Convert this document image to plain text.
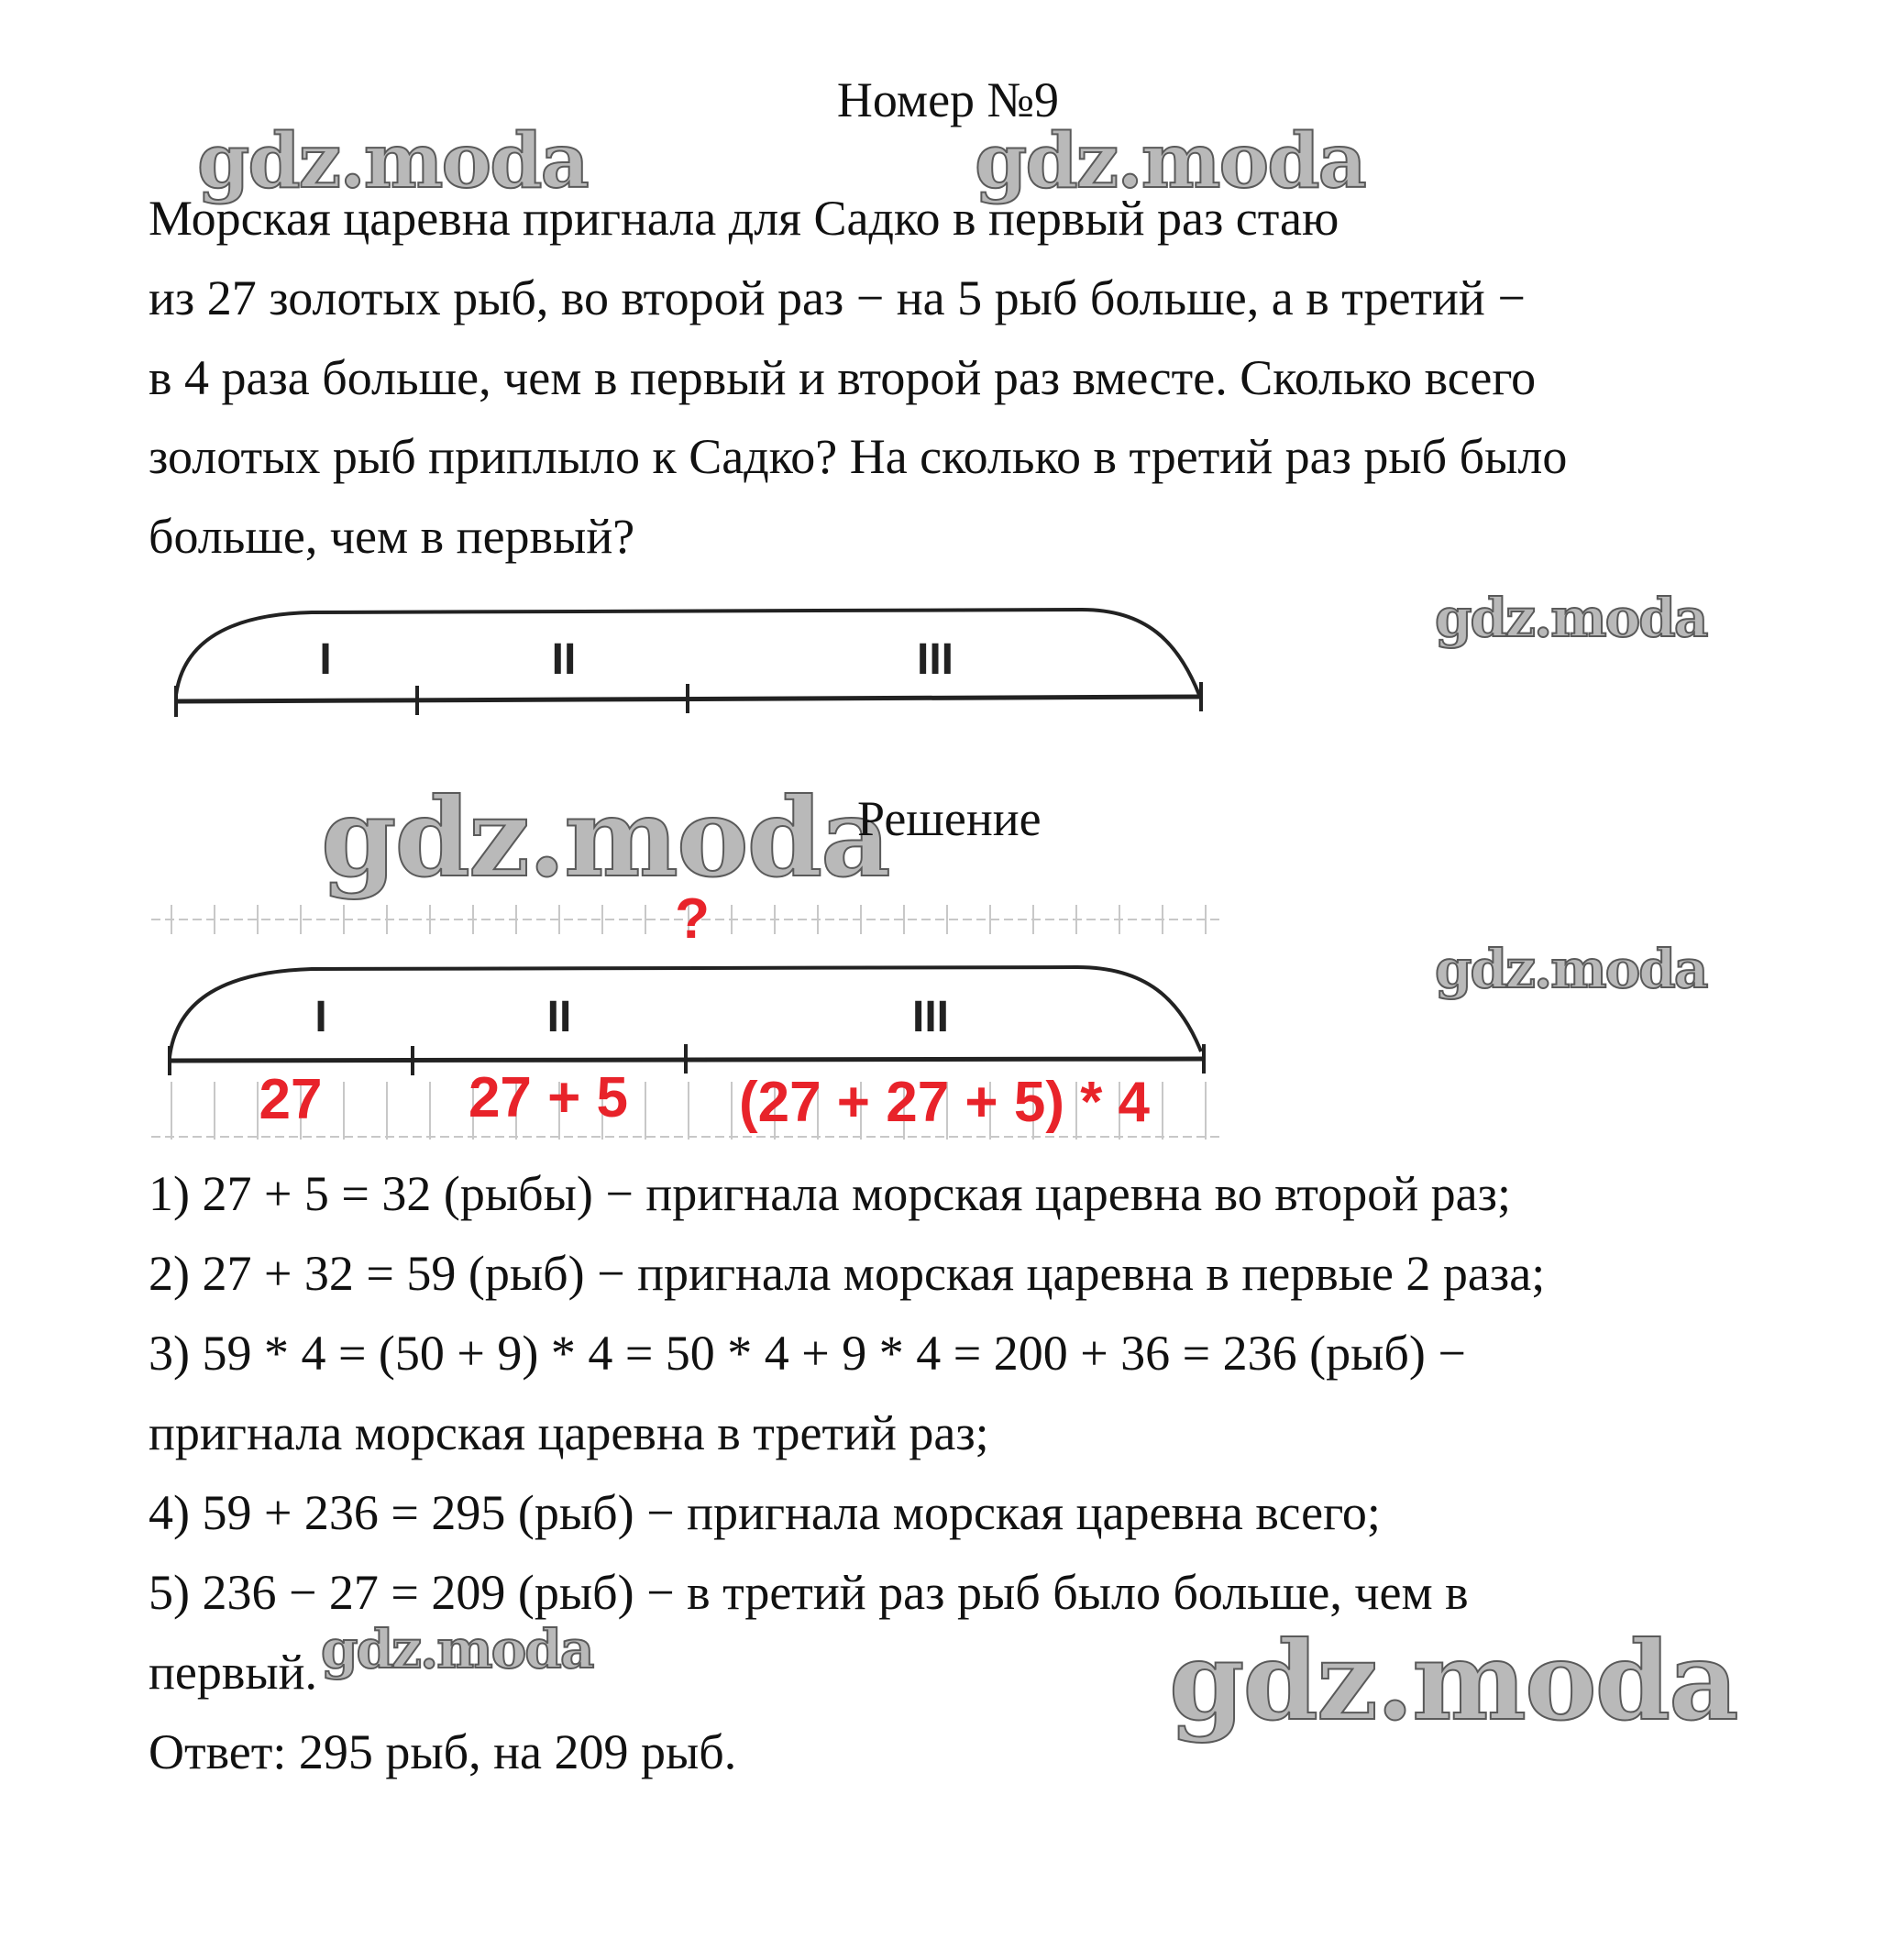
Номер №9
gdz.moda	gdz.moda
gdz.moda
gdz.moda
gdz.moda
gdz.moda	gdz.moda
Морская царевна пригнала для Садко в первый раз стаю
из 27 золотых рыб, во второй раз − на 5 рыб больше, а в третий −
в 4 раза больше, чем в первый и второй раз вместе. Сколько всего
золотых рыб приплыло к Садко? На сколько в третий раз рыб было
больше, чем в первый?
I	II	III
Решение
?
I	II	III
27	27 + 5 (27 + 27 + 5) * 4
1) 27 + 5 = 32 (рыбы) − пригнала морская царевна во второй раз;
2) 27 + 32 = 59 (рыб) − пригнала морская царевна в первые 2 раза;
3) 59 * 4 = (50 + 9) * 4 = 50 * 4 + 9 * 4 = 200 + 36 = 236 (рыб) −
пригнала морская царевна в третий раз;
4) 59 + 236 = 295 (рыб) − пригнала морская царевна всего;
5) 236 − 27 = 209 (рыб) − в третий раз рыб было больше, чем в
первый.
Ответ: 295 рыб, на 209 рыб.
